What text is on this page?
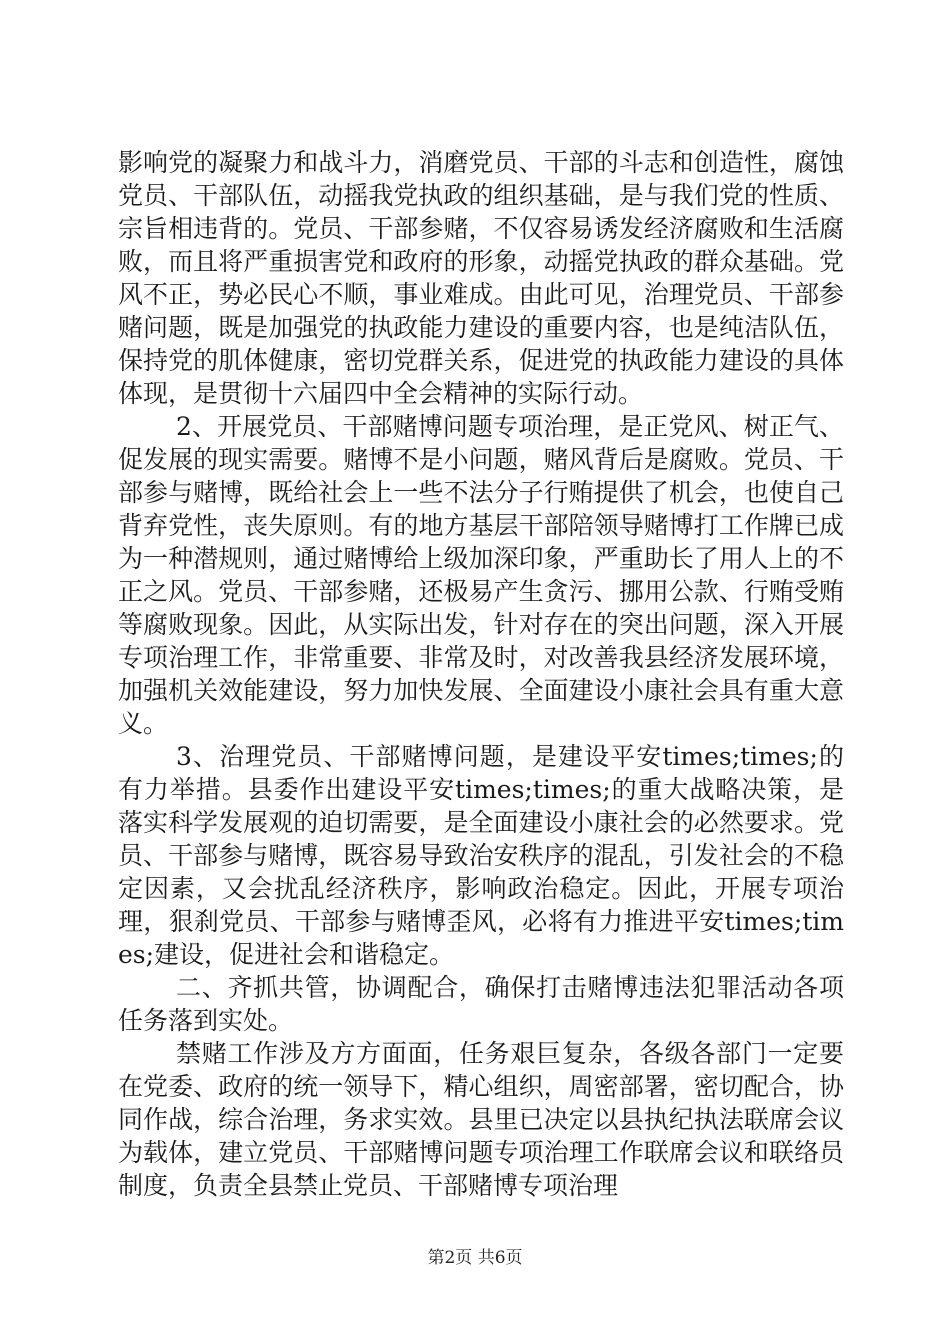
影响党的凝聚力和战斗力，消磨党员、干部的斗志和创造性，腐蚀党员、干部队伍，动摇我党执政的组织基础，是与我们党的性质、宗旨相违背的。党员、干部参赌，不仅容易诱发经济腐败和生活腐败，而且将严重损害党和政府的形象，动摇党执政的群众基础。党风不正，势必民心不顺，事业难成。由此可见，治理党员、干部参赌问题，既是加强党的执政能力建设的重要内容，也是纯洁队伍，保持党的肌体健康，密切党群关系，促进党的执政能力建设的具体体现，是贯彻十六届四中全会精神的实际行动。

2、开展党员、干部赌博问题专项治理，是正党风、树正气、促发展的现实需要。赌博不是小问题，赌风背后是腐败。党员、干部参与赌博，既给社会上一些不法分子行贿提供了机会，也使自己背弃党性，丧失原则。有的地方基层干部陪领导赌博打工作牌已成为一种潜规则，通过赌博给上级加深印象，严重助长了用人上的不正之风。党员、干部参赌，还极易产生贪污、挪用公款、行贿受贿等腐败现象。因此，从实际出发，针对存在的突出问题，深入开展专项治理工作，非常重要、非常及时，对改善我县经济发展环境，加强机关效能建设，努力加快发展、全面建设小康社会具有重大意义。

3、治理党员、干部赌博问题，是建设平安times;times;的有力举措。县委作出建设平安times;times;的重大战略决策，是落实科学发展观的迫切需要，是全面建设小康社会的必然要求。党员、干部参与赌博，既容易导致治安秩序的混乱，引发社会的不稳定因素，又会扰乱经济秩序，影响政治稳定。因此，开展专项治理，狠刹党员、干部参与赌博歪风，必将有力推进平安times;times;建设，促进社会和谐稳定。

二、齐抓共管，协调配合，确保打击赌博违法犯罪活动各项任务落到实处。

禁赌工作涉及方方面面，任务艰巨复杂，各级各部门一定要在党委、政府的统一领导下，精心组织，周密部署，密切配合，协同作战，综合治理，务求实效。县里已决定以县执纪执法联席会议为载体，建立党员、干部赌博问题专项治理工作联席会议和联络员制度，负责全县禁止党员、干部赌博专项治理

第2页 共6页
